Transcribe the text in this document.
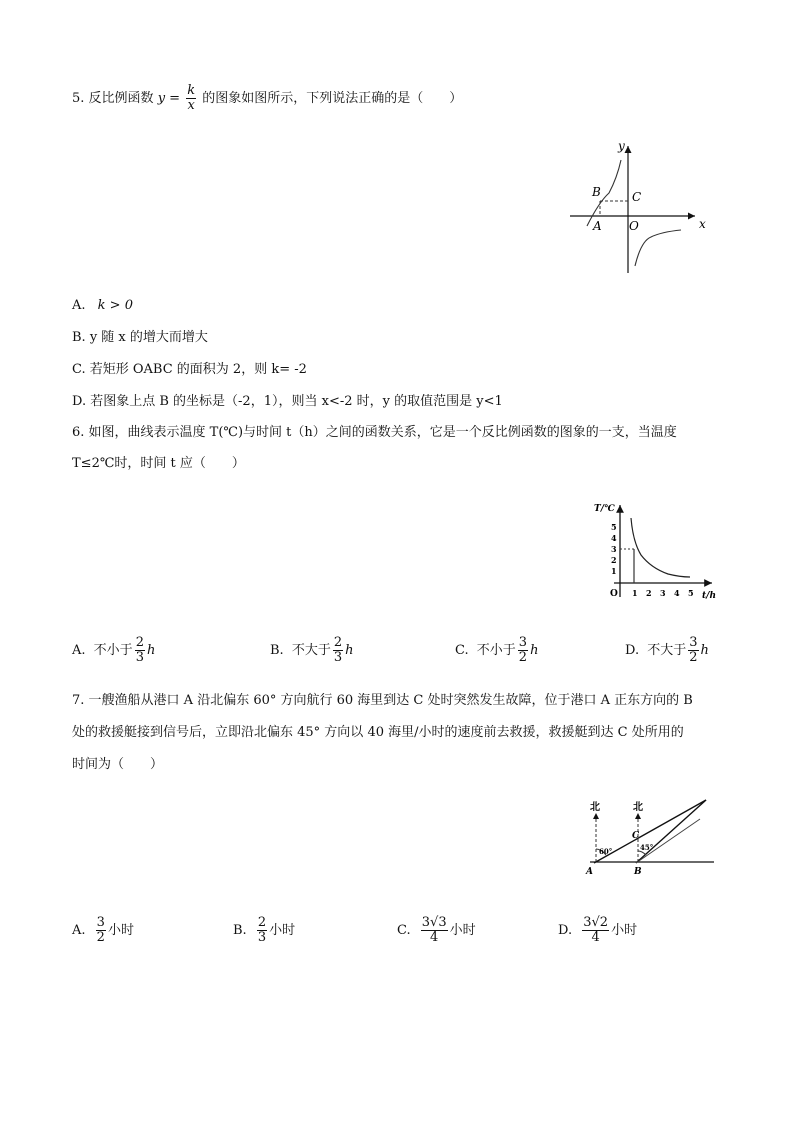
5. 反比例函数 $y = \frac{k}{x}$ 的图象如图所示，下列说法正确的是（　　）
y
x
B	C
A O
A. k > 0
B. y 随 x 的增大而增大
C. 若矩形 OABC 的面积为 2，则 k= -2
D. 若图象上点 B 的坐标是（-2，1），则当 x<-2 时，y 的取值范围是 y<1
6. 如图，曲线表示温度 T(℃)与时间 t（h）之间的函数关系，它是一个反比例函数的图象的一支，当温度
T≤2℃时，时间 t 应（　　）
T/℃
t/h
O
1
2
3
4
5
1 2 3 4 5
A. 不小于 $\frac{2}{3}$ h	B. 不大于 $\frac{2}{3}$ h	C. 不小于 $\frac{3}{2}$ h	D. 不大于 $\frac{3}{2}$ h
7. 一艘渔船从港口 A 沿北偏东 60° 方向航行 60 海里到达 C 处时突然发生故障，位于港口 A 正东方向的 B
处的救援艇接到信号后，立即沿北偏东 45° 方向以 40 海里/小时的速度前去救援，救援艇到达 C 处所用的
时间为（　　）
北	北
60°	45°
A	B
C
A. $\frac{3}{2}$ 小时	B. $\frac{2}{3}$ 小时	C. $\frac{3√3}{4}$ 小时	D. $\frac{3√2}{4}$ 小时
